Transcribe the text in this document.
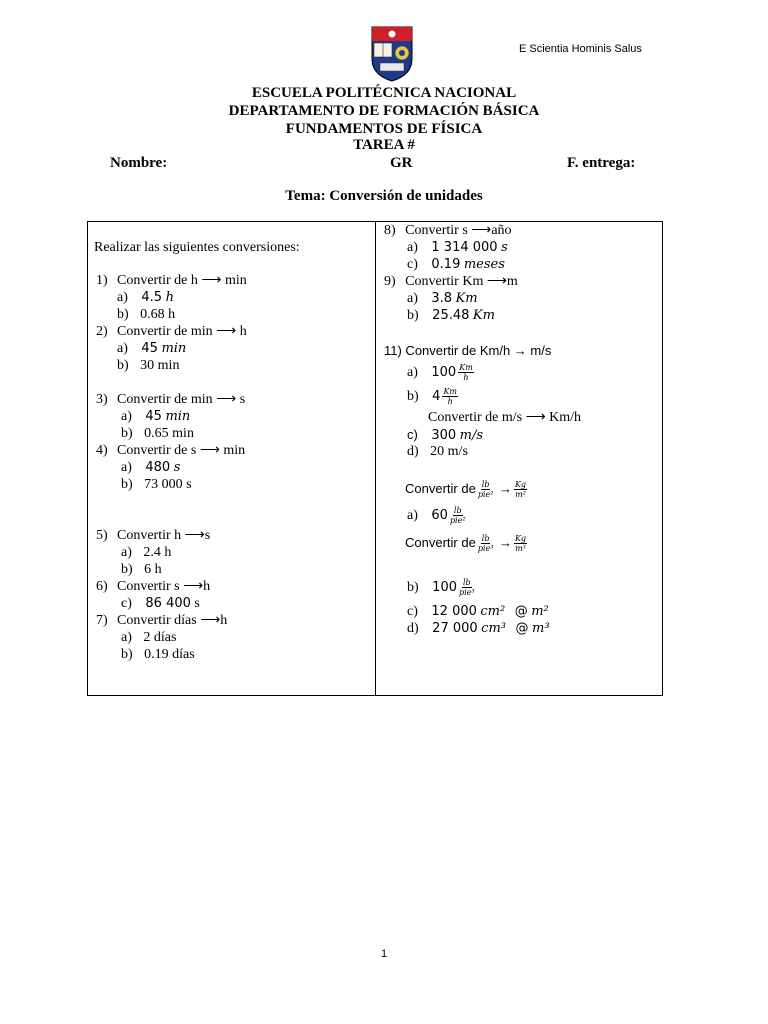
E Scientia Hominis Salus
ESCUELA POLITÉCNICA NACIONAL
DEPARTAMENTO DE FORMACIÓN BÁSICA
FUNDAMENTOS DE FÍSICA
TAREA #
Nombre:	GR	F. entrega:
Tema: Conversión de unidades
Realizar las siguientes conversiones:
1) Convertir de h ⟶ min
a) 4.5 h
b) 0.68 h
2) Convertir de min ⟶ h
a) 45 min
b) 30 min
3) Convertir de min ⟶ s
a) 45 min
b) 0.65 min
4) Convertir de s ⟶ min
a) 480 s
b) 73 000 s
5) Convertir h ⟶s
a) 2.4 h
b) 6 h
6) Convertir s ⟶h
c) 86 400 s
7) Convertir días ⟶h
a) 2 días
b) 0.19 días
8) Convertir s ⟶año
a) 1 314 000 s
c) 0.19 meses
9) Convertir Km ⟶m
a) 3.8 Km
b) 25.48 Km
11) Convertir de Km/h → m/s
a) $100 \frac{Km}{h}$
b) $4 \frac{Km}{h}$
Convertir de m/s ⟶ Km/h
c) 300 m/s
d) 20 m/s
Convertir de $\frac{lb}{\text{pie²}} \to \frac{Kg}{\text{m²}}$
a) $60 \frac{lb}{\text{pie²}}$
Convertir de $\frac{lb}{\text{pie³}} \to \frac{Kg}{\text{m³}}$
b) $100 \frac{lb}{\text{pie³}}$
c) 12 000 cm² @ m²
d) 27 000 cm³ @ m³
1
